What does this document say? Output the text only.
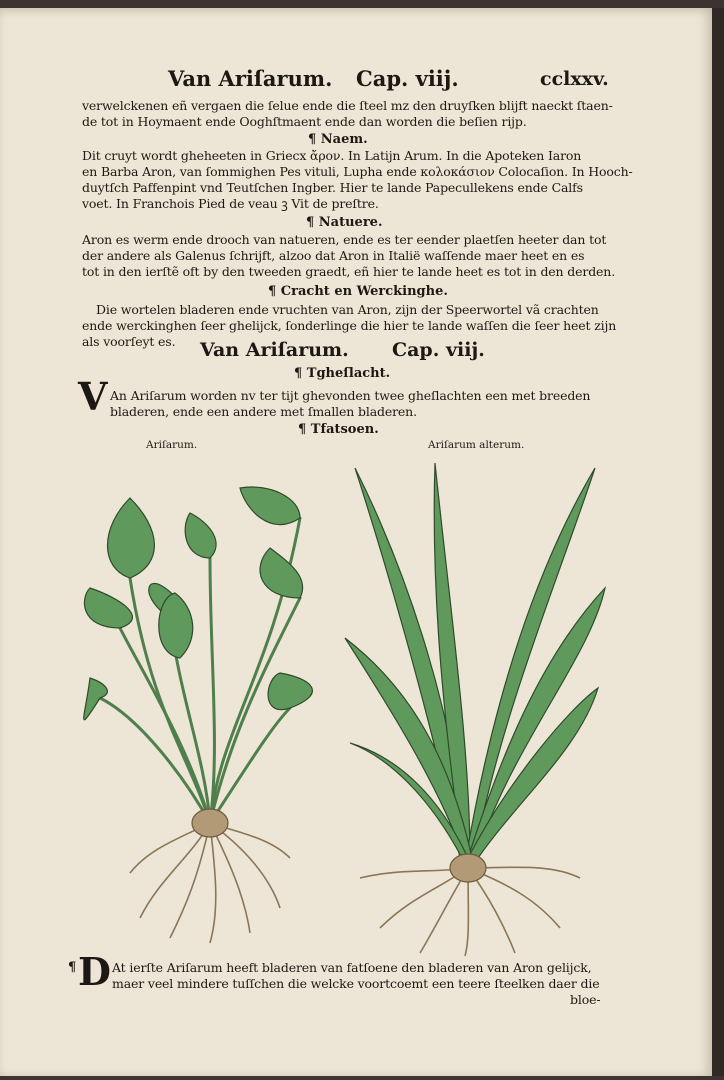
Van Ariſarum. Cap. viij.	cclxxv.
verwelckenen eñ vergaen die ſelue ende die ſteel mz den druyſken blijft naeckt ſtaen-
de tot in Hoymaent ende Ooghſtmaent ende dan worden die beſien rijp.
¶ Naem.
Dit cruyt wordt gheheeten in Griecx ἄρον. In Latijn Arum. In die Apoteken Iaron
en Barba Aron, van ſommighen Pes vituli, Lupha ende κολοκάσιον Colocaſion. In Hooch-
duytſch Paffenpint vnd Teutſchen Ingber. Hier te lande Papecullekens ende Calfs
voet. In Franchois Pied de veau ꝫ Vit de preſtre.
¶ Natuere.
Aron es werm ende drooch van natueren, ende es ter eender plaetſen heeter dan tot
der andere als Galenus ſchrijft, alzoo dat Aron in Italië waſſende maer heet en es
tot in den ierſtẽ oft by den tweeden graedt, eñ hier te lande heet es tot in den derden.
¶ Cracht en Werckinghe.
Die wortelen bladeren ende vruchten van Aron, zijn der Speerwortel vã crachten
ende werckinghen ſeer ghelijck, ſonderlinge die hier te lande waſſen die ſeer heet zijn
als voorſeyt es. Van Ariſarum. Cap. viij.
¶ Tgheſlacht.
V An Ariſarum worden nv ter tijt ghevonden twee gheſlachten een met breeden
bladeren, ende een andere met ſmallen bladeren.
¶ Tfatsoen.
Ariſarum.	Ariſarum alterum.
¶ D At ierſte Ariſarum heeft bladeren van fatſoene den bladeren van Aron gelijck,
maer veel mindere tuſſchen die welcke voortcoemt een teere ſteelken daer die
bloe-
